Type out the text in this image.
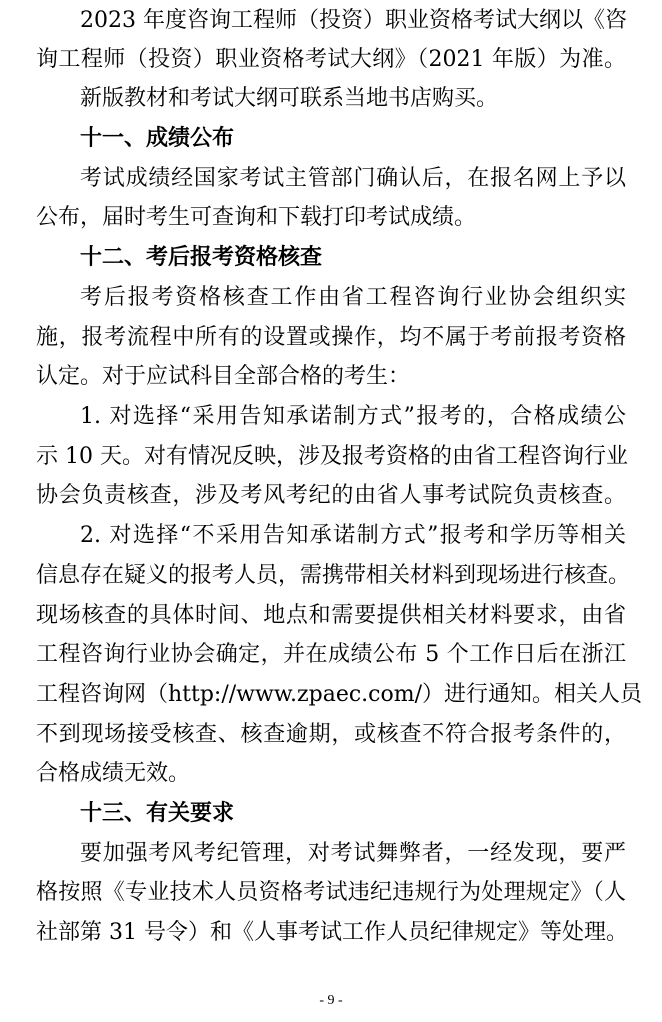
2023 年度咨询工程师（投资）职业资格考试大纲以《咨
询工程师（投资）职业资格考试大纲》（2021 年版）为准。
新版教材和考试大纲可联系当地书店购买。
十一、成绩公布
考试成绩经国家考试主管部门确认后，在报名网上予以
公布，届时考生可查询和下载打印考试成绩。
十二、考后报考资格核查
考后报考资格核查工作由省工程咨询行业协会组织实
施，报考流程中所有的设置或操作，均不属于考前报考资格
认定。对于应试科目全部合格的考生：
1. 对选择“采用告知承诺制方式”报考的，合格成绩公
示 10 天。对有情况反映，涉及报考资格的由省工程咨询行业
协会负责核查，涉及考风考纪的由省人事考试院负责核查。
2. 对选择“不采用告知承诺制方式”报考和学历等相关
信息存在疑义的报考人员，需携带相关材料到现场进行核查。
现场核查的具体时间、地点和需要提供相关材料要求，由省
工程咨询行业协会确定，并在成绩公布 5 个工作日后在浙江
工程咨询网（http://www.zpaec.com/）进行通知。相关人员
不到现场接受核查、核查逾期，或核查不符合报考条件的，
合格成绩无效。
十三、有关要求
要加强考风考纪管理，对考试舞弊者，一经发现，要严
格按照《专业技术人员资格考试违纪违规行为处理规定》（人
社部第 31 号令）和《人事考试工作人员纪律规定》等处理。
- 9 -
